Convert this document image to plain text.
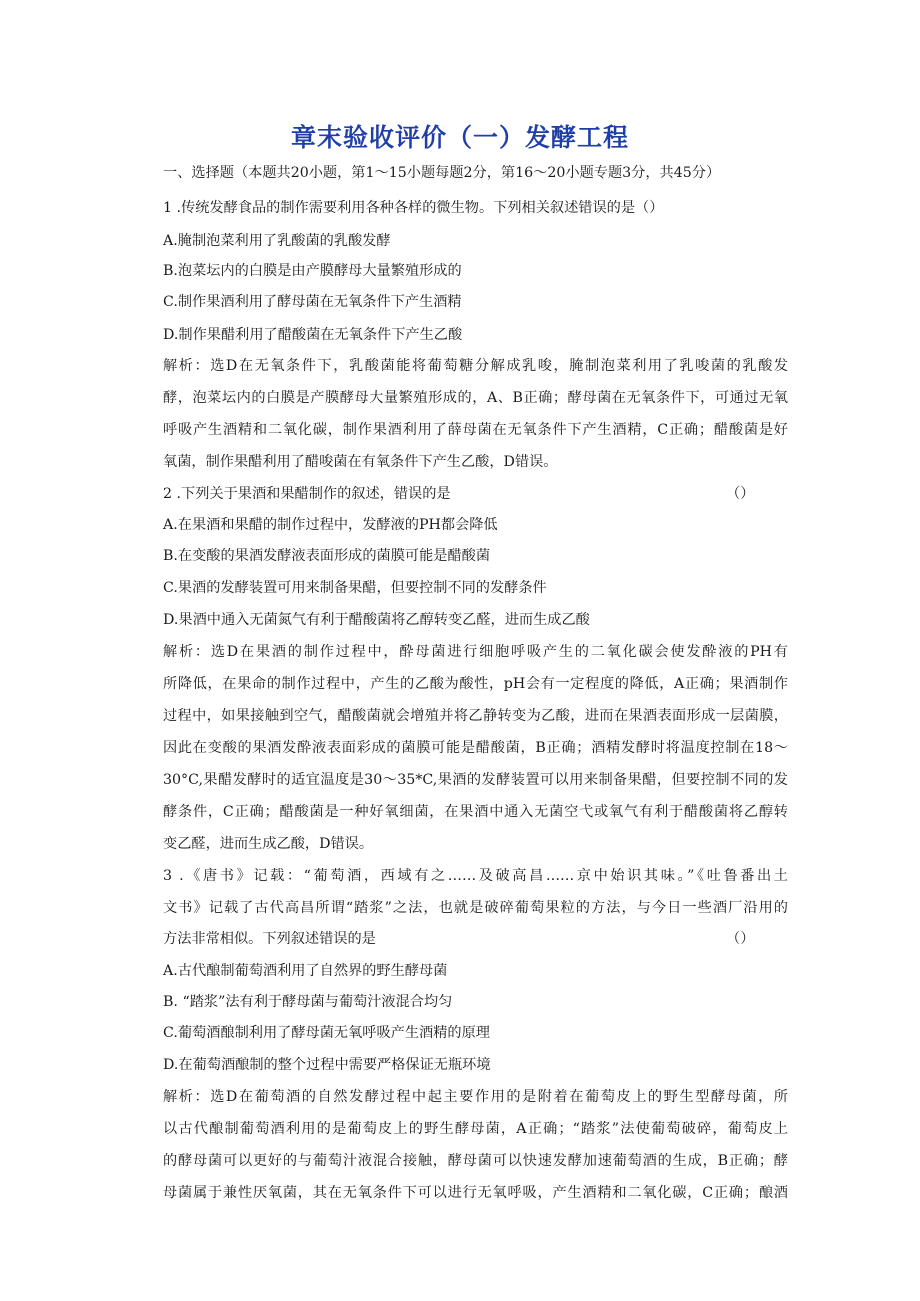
章末验收评价（一）发酵工程
一、选择题（本题共20小题，第1～15小题每题2分，第16～20小题专题3分，共45分）
1 .传统发酵食品的制作需要利用各种各样的微生物。下列相关叙述错误的是（）
A.腌制泡菜利用了乳酸菌的乳酸发酵
B.泡菜坛内的白膜是由产膜酵母大量繁殖形成的
C.制作果酒利用了酵母菌在无氧条件下产生酒精
D.制作果醋利用了醋酸菌在无氧条件下产生乙酸
解析：选D在无氧条件下，乳酸菌能将葡萄糖分解成乳唆，腌制泡菜利用了乳唆菌的乳酸发
酵，泡菜坛内的白膜是产膜酵母大量繁殖形成的，A、B正确；酵母菌在无氧条件下，可通过无氧
呼吸产生酒精和二氧化碳，制作果酒利用了薛母菌在无氧条件下产生酒精，C正确；醋酸菌是好
氧菌，制作果醋利用了醋唆菌在有氧条件下产生乙酸，D错误。
2 .下列关于果酒和果醋制作的叙述，错误的是	（）
A.在果酒和果醋的制作过程中，发酵液的PH都会降低
B.在变酸的果酒发酵液表面形成的菌膜可能是醋酸菌
C.果酒的发酵装置可用来制备果醋，但要控制不同的发酵条件
D.果酒中通入无菌氮气有利于醋酸菌将乙醇转变乙醛，进而生成乙酸
解析：选D在果酒的制作过程中，酔母菌进行细胞呼吸产生的二氧化碳会使发酔液的PH有
所降低，在果命的制作过程中，产生的乙酸为酸性，pH会有一定程度的降低，A正确；果酒制作
过程中，如果接触到空气，醋酸菌就会增殖并将乙静转变为乙酸，进而在果酒表面形成一层菌膜，
因此在变酸的果酒发酔液表面彩成的菌膜可能是醋酸菌，B正确；酒精发酵时将温度控制在18～
30°C,果醋发酵时的适宜温度是30～35*C,果酒的发酵装置可以用来制备果醋，但要控制不同的发
酵条件，C正确；醋酸菌是一种好氧细菌，在果酒中通入无菌空弋或氧气有利于醋酸菌将乙醇转
变乙醛，进而生成乙酸，D错误。
3 .《唐书》记载：“葡萄酒，西域有之……及破高昌……京中始识其味。”《吐鲁番出土
文书》记载了古代高昌所谓“踏浆”之法，也就是破碎葡萄果粒的方法，与今日一些酒厂沿用的
方法非常相似。下列叙述错误的是	（）
A.古代酿制葡萄酒利用了自然界的野生酵母菌
B. “踏浆”法有利于酵母菌与葡萄汁液混合均匀
C.葡萄酒酿制利用了酵母菌无氧呼吸产生酒精的原理
D.在葡萄酒酿制的整个过程中需要严格保证无瓶环境
解析：选D在葡萄酒的自然发酵过程中起主要作用的是附着在葡萄皮上的野生型酵母菌，所
以古代酿制葡萄酒利用的是葡萄皮上的野生酵母菌，A正确；“踏浆”法使葡萄破碎，葡萄皮上
的酵母菌可以更好的与葡萄汁液混合接触，酵母菌可以快速发酵加速葡萄酒的生成，B正确；酵
母菌属于兼性厌氧菌，其在无氧条件下可以进行无氧呼吸，产生酒精和二氧化碳，C正确；酿酒
